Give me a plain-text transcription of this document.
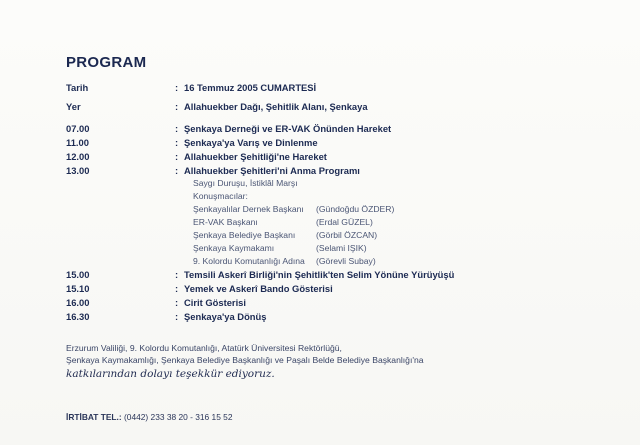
PROGRAM
Tarih	: 16 Temmuz 2005 CUMARTESİ
Yer	: Allahuekber Dağı, Şehitlik Alanı, Şenkaya
07.00	: Şenkaya Derneği ve ER-VAK Önünden Hareket
11.00	: Şenkaya'ya Varış ve Dinlenme
12.00	: Allahuekber Şehitliği'ne Hareket
13.00	: Allahuekber Şehitleri'ni Anma Programı
Saygı Duruşu, İstiklâl Marşı
Konuşmacılar:
Şenkayalılar Dernek Başkanı (Gündoğdu ÖZDER)
ER-VAK Başkanı	(Erdal GÜZEL)
Şenkaya Belediye Başkanı (Görbil ÖZCAN)
Şenkaya Kaymakamı	(Selami IŞIK)
9. Kolordu Komutanlığı Adına (Görevli Subay)
15.00	: Temsili Askerî Birliği'nin Şehitlik'ten Selim Yönüne Yürüyüşü
15.10	: Yemek ve Askerî Bando Gösterisi
16.00	: Cirit Gösterisi
16.30	: Şenkaya'ya Dönüş
Erzurum Valiliği, 9. Kolordu Komutanlığı, Atatürk Üniversitesi Rektörlüğü,
Şenkaya Kaymakamlığı, Şenkaya Belediye Başkanlığı ve Paşalı Belde Belediye Başkanlığı'na
katkılarından dolayı teşekkür ediyoruz.
İRTİBAT TEL.: (0442) 233 38 20 - 316 15 52
